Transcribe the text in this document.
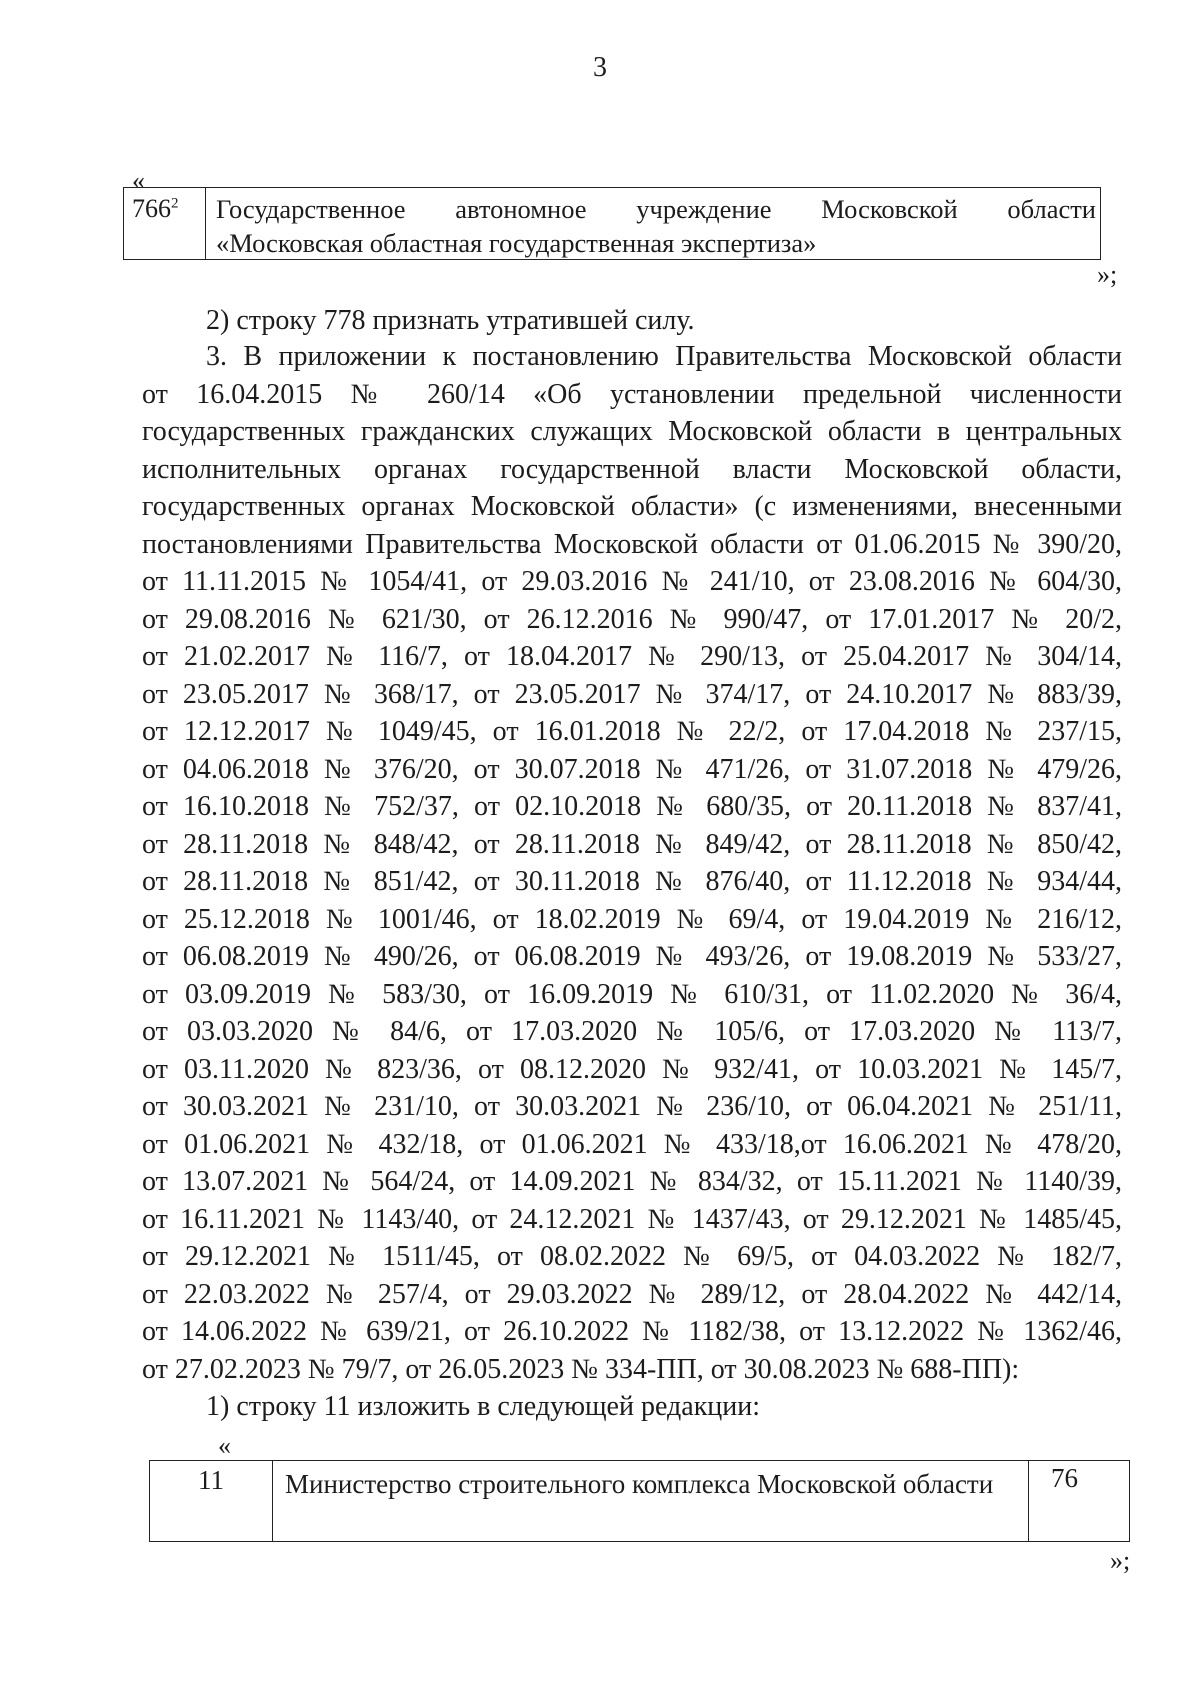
3
«
$766^2$	Государственное автономное учреждение Московской области
«Московская областная государственная экспертиза»
»;
2) строку 778 признать утратившей силу.
3. В приложении к постановлению Правительства Московской области
от 16.04.2015 № 260/14 «Об установлении предельной численности
государственных гражданских служащих Московской области в центральных
исполнительных органах государственной власти Московской области,
государственных органах Московской области» (с изменениями, внесенными
постановлениями Правительства Московской области от 01.06.2015 № 390/20,
от 11.11.2015 № 1054/41, от 29.03.2016 № 241/10, от 23.08.2016 № 604/30,
от 29.08.2016 № 621/30, от 26.12.2016 № 990/47, от 17.01.2017 № 20/2,
от 21.02.2017 № 116/7, от 18.04.2017 № 290/13, от 25.04.2017 № 304/14,
от 23.05.2017 № 368/17, от 23.05.2017 № 374/17, от 24.10.2017 № 883/39,
от 12.12.2017 № 1049/45, от 16.01.2018 № 22/2, от 17.04.2018 № 237/15,
от 04.06.2018 № 376/20, от 30.07.2018 № 471/26, от 31.07.2018 № 479/26,
от 16.10.2018 № 752/37, от 02.10.2018 № 680/35, от 20.11.2018 № 837/41,
от 28.11.2018 № 848/42, от 28.11.2018 № 849/42, от 28.11.2018 № 850/42,
от 28.11.2018 № 851/42, от 30.11.2018 № 876/40, от 11.12.2018 № 934/44,
от 25.12.2018 № 1001/46, от 18.02.2019 № 69/4, от 19.04.2019 № 216/12,
от 06.08.2019 № 490/26, от 06.08.2019 № 493/26, от 19.08.2019 № 533/27,
от 03.09.2019 № 583/30, от 16.09.2019 № 610/31, от 11.02.2020 № 36/4,
от 03.03.2020 № 84/6, от 17.03.2020 № 105/6, от 17.03.2020 № 113/7,
от 03.11.2020 № 823/36, от 08.12.2020 № 932/41, от 10.03.2021 № 145/7,
от 30.03.2021 № 231/10, от 30.03.2021 № 236/10, от 06.04.2021 № 251/11,
от 01.06.2021 № 432/18, от 01.06.2021 № 433/18,от 16.06.2021 № 478/20,
от 13.07.2021 № 564/24, от 14.09.2021 № 834/32, от 15.11.2021 № 1140/39,
от 16.11.2021 № 1143/40, от 24.12.2021 № 1437/43, от 29.12.2021 № 1485/45,
от 29.12.2021 № 1511/45, от 08.02.2022 № 69/5, от 04.03.2022 № 182/7,
от 22.03.2022 № 257/4, от 29.03.2022 № 289/12, от 28.04.2022 № 442/14,
от 14.06.2022 № 639/21, от 26.10.2022 № 1182/38, от 13.12.2022 № 1362/46,
от 27.02.2023 № 79/7, от 26.05.2023 № 334-ПП, от 30.08.2023 № 688-ПП):
1) строку 11 изложить в следующей редакции:
«
11	Министерство строительного комплекса Московской области	76
»;
